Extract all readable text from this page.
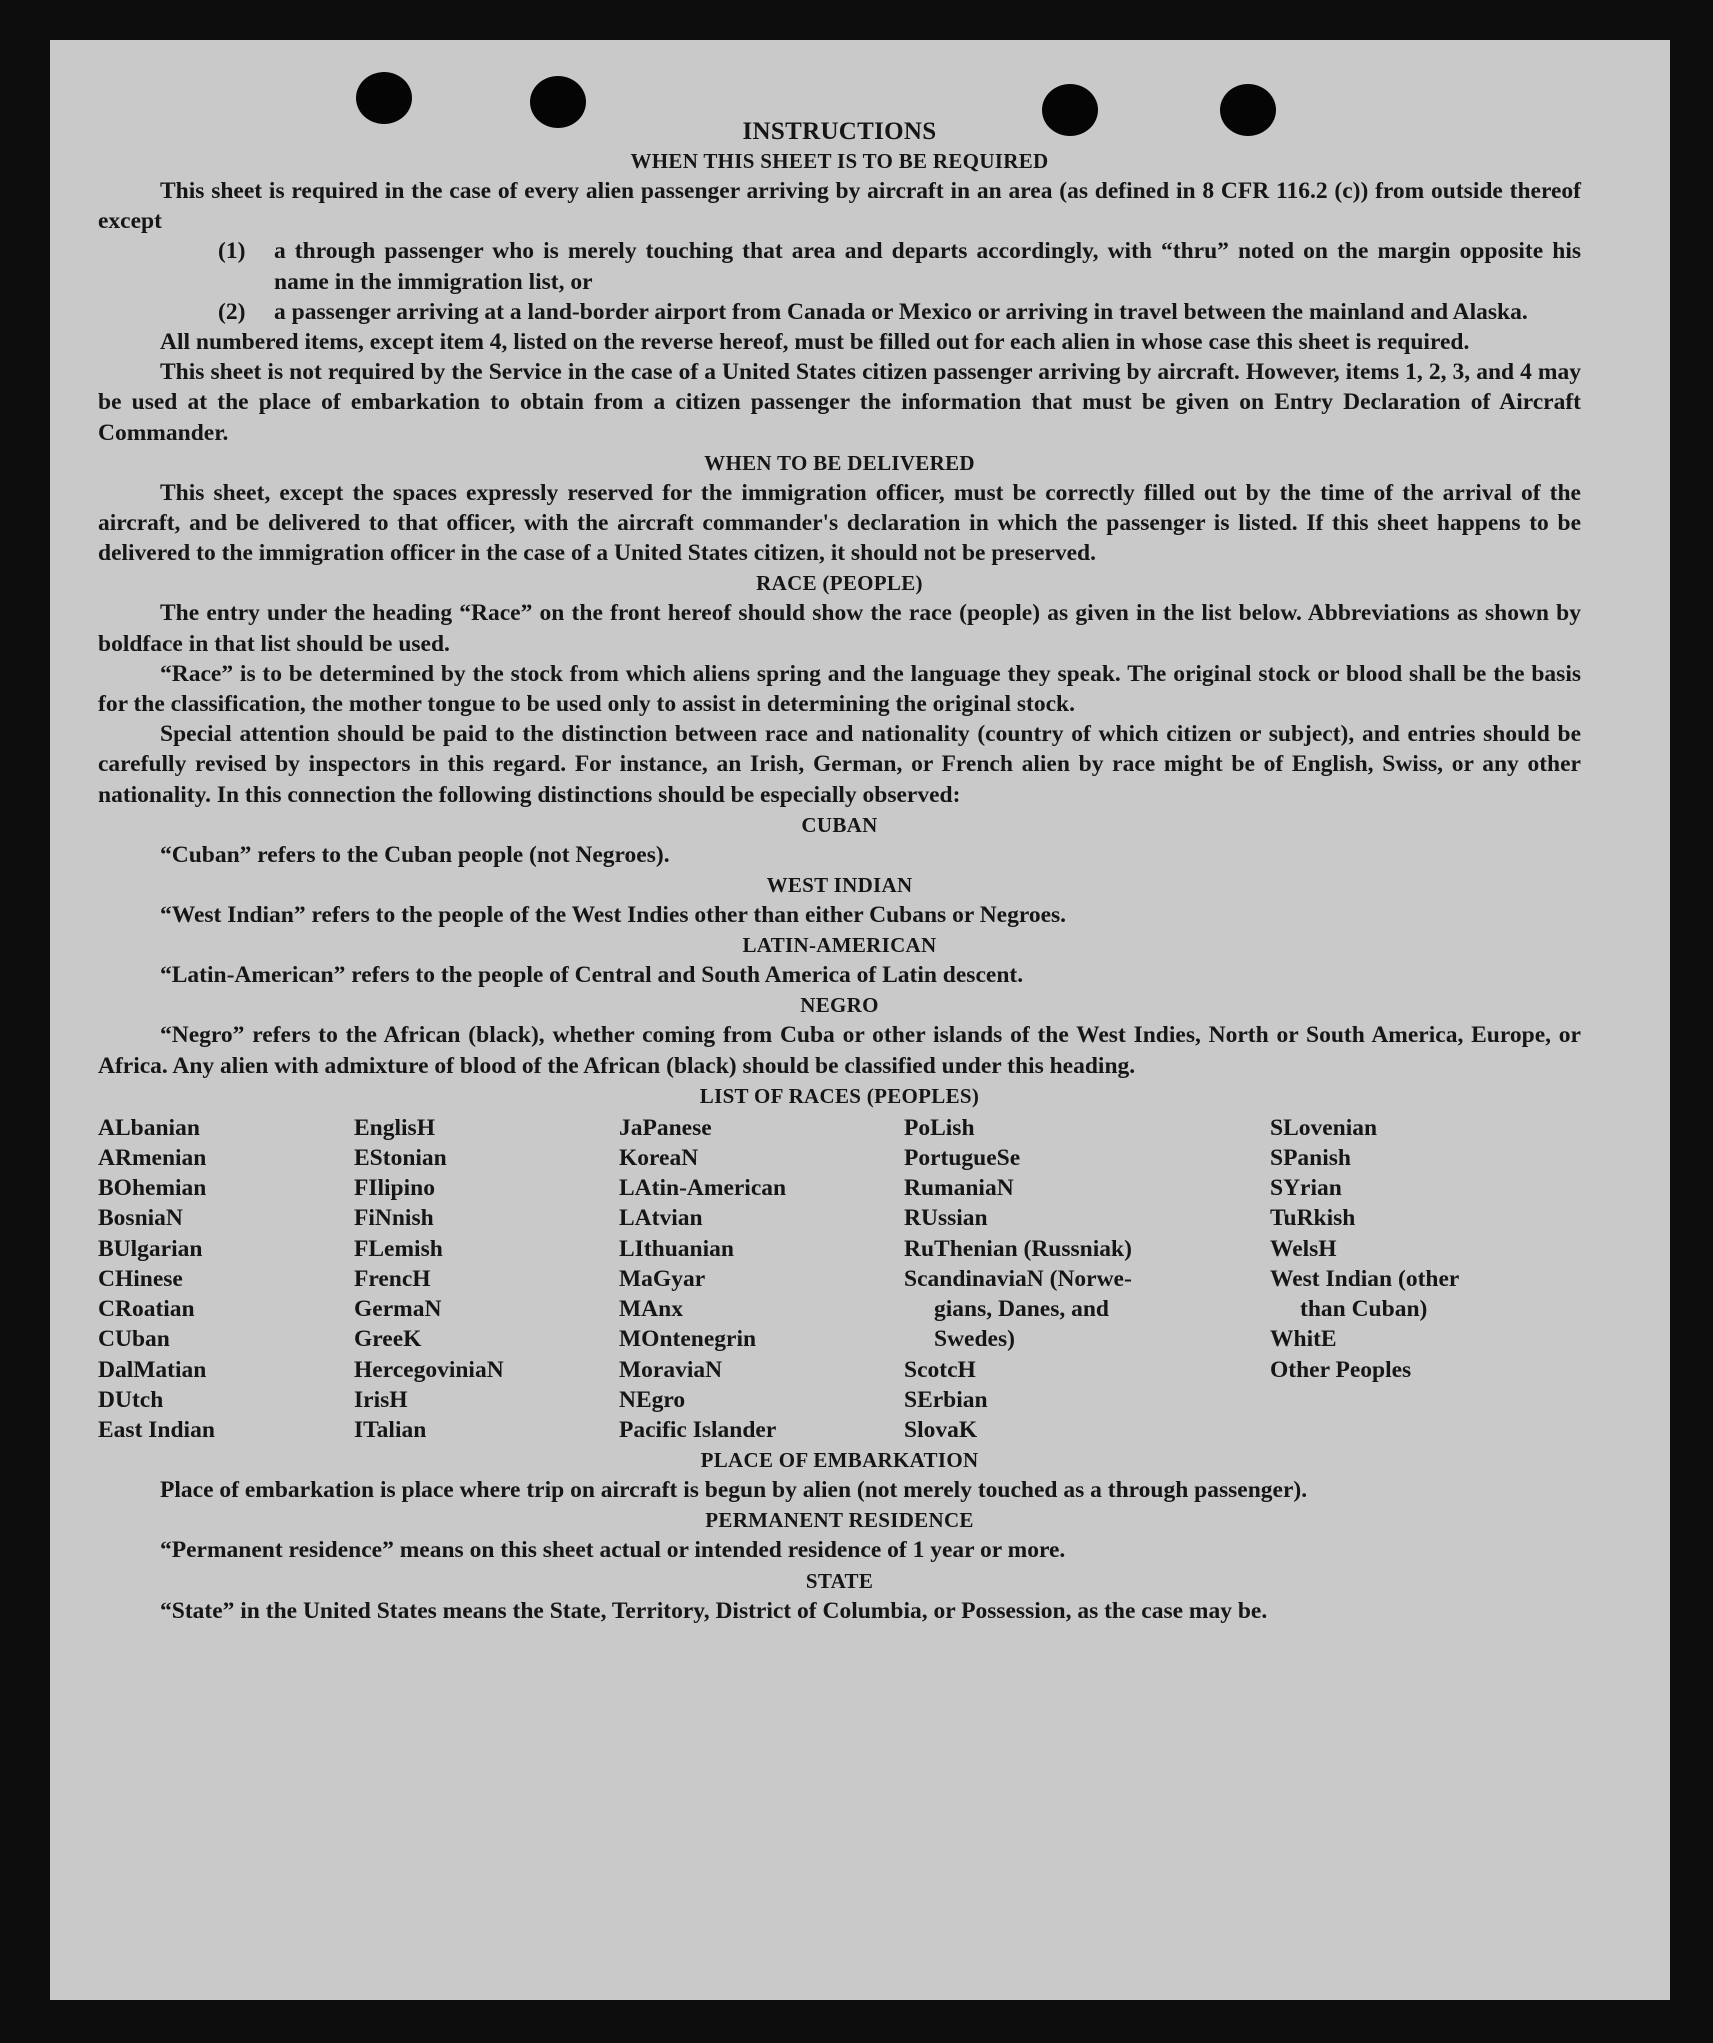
INSTRUCTIONS
WHEN THIS SHEET IS TO BE REQUIRED

This sheet is required in the case of every alien passenger arriving by aircraft in an area (as defined in 8 CFR 116.2 (c)) from outside thereof except

(1)	a through passenger who is merely touching that area and departs accordingly, with “thru” noted on the margin opposite his name in the immigration list, or
(2)	a passenger arriving at a land-border airport from Canada or Mexico or arriving in travel between the mainland and Alaska.

All numbered items, except item 4, listed on the reverse hereof, must be filled out for each alien in whose case this sheet is required.

This sheet is not required by the Service in the case of a United States citizen passenger arriving by aircraft. However, items 1, 2, 3, and 4 may be used at the place of embarkation to obtain from a citizen passenger the information that must be given on Entry Declaration of Aircraft Commander.

WHEN TO BE DELIVERED

This sheet, except the spaces expressly reserved for the immigration officer, must be correctly filled out by the time of the arrival of the aircraft, and be delivered to that officer, with the aircraft commander's declaration in which the passenger is listed. If this sheet happens to be delivered to the immigration officer in the case of a United States citizen, it should not be preserved.

RACE (PEOPLE)

The entry under the heading “Race” on the front hereof should show the race (people) as given in the list below. Abbreviations as shown by boldface in that list should be used.

“Race” is to be determined by the stock from which aliens spring and the language they speak. The original stock or blood shall be the basis for the classification, the mother tongue to be used only to assist in determining the original stock.

Special attention should be paid to the distinction between race and nationality (country of which citizen or subject), and entries should be carefully revised by inspectors in this regard. For instance, an Irish, German, or French alien by race might be of English, Swiss, or any other nationality. In this connection the following distinctions should be especially observed:

CUBAN

“Cuban” refers to the Cuban people (not Negroes).

WEST INDIAN

“West Indian” refers to the people of the West Indies other than either Cubans or Negroes.

LATIN-AMERICAN

“Latin-American” refers to the people of Central and South America of Latin descent.

NEGRO

“Negro” refers to the African (black), whether coming from Cuba or other islands of the West Indies, North or South America, Europe, or Africa. Any alien with admixture of blood of the African (black) should be classified under this heading.

LIST OF RACES (PEOPLES)
ALbanian
ARmenian
BOhemian
BosniaN
BUlgarian
CHinese
CRoatian
CUban
DalMatian
DUtch
East Indian
EnglisH
EStonian
FIlipino
FiNnish
FLemish
FrencH
GermaN
GreeK
HercegoviniaN
IrisH
ITalian
JaPanese
KoreaN
LAtin-American
LAtvian
LIthuanian
MaGyar
MAnx
MOntenegrin
MoraviaN
NEgro
Pacific Islander
PoLish
PortugueSe
RumaniaN
RUssian
RuThenian (Russniak)
ScandinaviaN (Norwe-
gians, Danes, and
Swedes)
ScotcH
SErbian
SlovaK
SLovenian
SPanish
SYrian
TuRkish
WelsH
West Indian (other
than Cuban)
WhitE
Other Peoples
PLACE OF EMBARKATION

Place of embarkation is place where trip on aircraft is begun by alien (not merely touched as a through passenger).

PERMANENT RESIDENCE

“Permanent residence” means on this sheet actual or intended residence of 1 year or more.

STATE

“State” in the United States means the State, Territory, District of Columbia, or Possession, as the case may be.
